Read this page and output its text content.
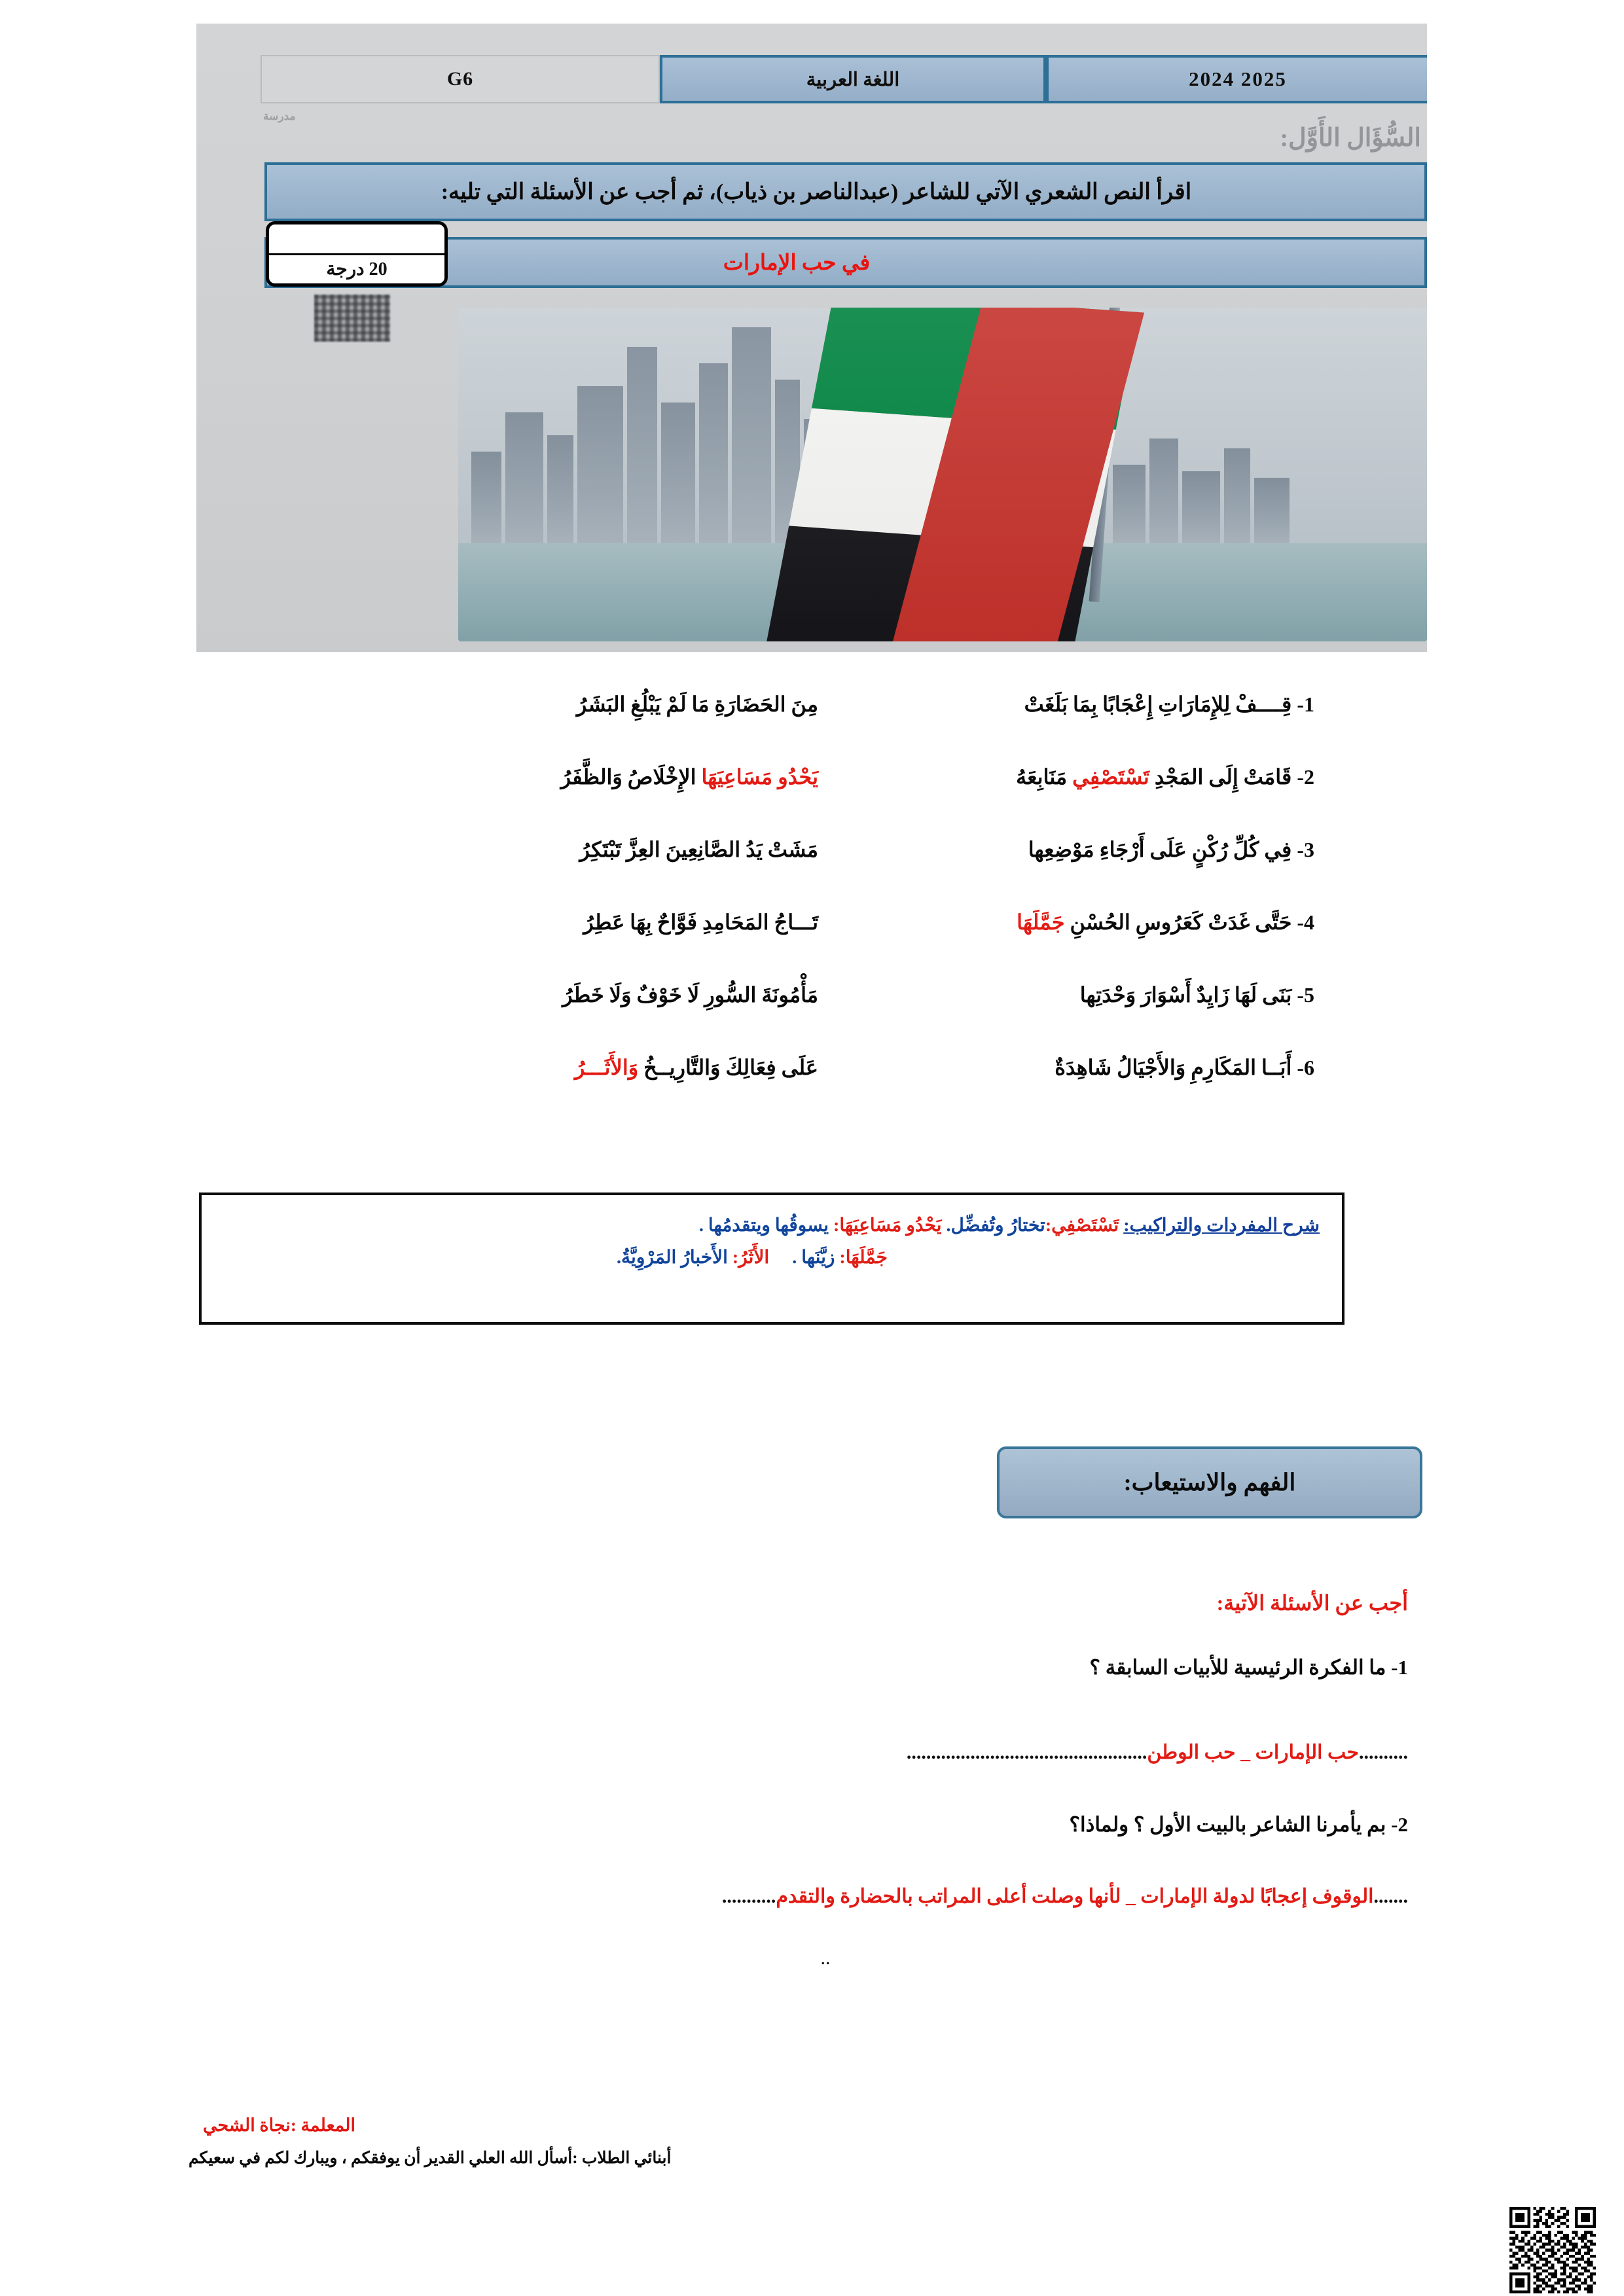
2025 2024
اللغة العربية
G6
مدرسة
السُّؤَال الأَوَّل:
اقرأ النص الشعري الآتي للشاعر (عبدالناصر بن ذياب)، ثم أجب عن الأسئلة التي تليه:
في حب الإمارات
20 درجة
1- قِــــفْ لِلإِمَارَاتِ إِعْجَابًا بِمَا بَلَغَتْ
مِنَ الحَضَارَةِ مَا لَمْ يَبْلُغِ البَشَرُ
2- قَامَتْ إِلَى المَجْدِ تَسْتَصْفِي مَنَابِعَهُ
يَحْدُو مَسَاعِيَهَا الإِخْلَاصُ وَالظَّفَرُ
3- فِي كُلِّ رُكْنٍ عَلَى أَرْجَاءِ مَوْضِعِها
مَشَتْ يَدُ الصَّانِعِينَ العِزَّ تَبْتَكِرُ
4- حَتَّى غَدَتْ كَعَرُوسِ الحُسْنِ جَمَّلَهَا
تَـــاجُ المَحَامِدِ فَوَّاحٌ بِهَا عَطِرُ
5- بَنَى لَهَا زَايِدٌ أَسْوَارَ وَحْدَتِها
مَأْمُونَةَ السُّورِ لَا خَوْفٌ وَلَا خَطَرُ
6- أَبَــا المَكَارِمِ وَالأَجْيَالُ شَاهِدَةٌ
عَلَى فِعَالِكَ وَالتَّارِيــخُ وَالأَثَـــرُ
شرح المفردات والتراكيب: تَسْتَصْفِي:تختارُ وتُفضِّل. يَحْدُو مَسَاعِيَهَا: يسوقُها ويتقدمُها .
جَمَّلَهَا: زيَّنَها .     الأَثَرُ: الأَخبارُ المَرْوِيَّةُ.
الفهم والاستيعاب:
أجب عن الأسئلة الآتية:
1- ما الفكرة الرئيسية للأبيات السابقة ؟
..........حب الإمارات _ حب الوطن.................................................
2- بم يأمرنا الشاعر بالبيت الأول ؟ ولماذا؟
.......الوقوف إعجابًا لدولة الإمارات _ لأنها وصلت أعلى المراتب بالحضارة والتقدم...........
..
المعلمة :نجاة الشحي
أبنائي الطلاب :أسأل الله العلي القدير أن يوفقكم ، ويبارك لكم في سعيكم
